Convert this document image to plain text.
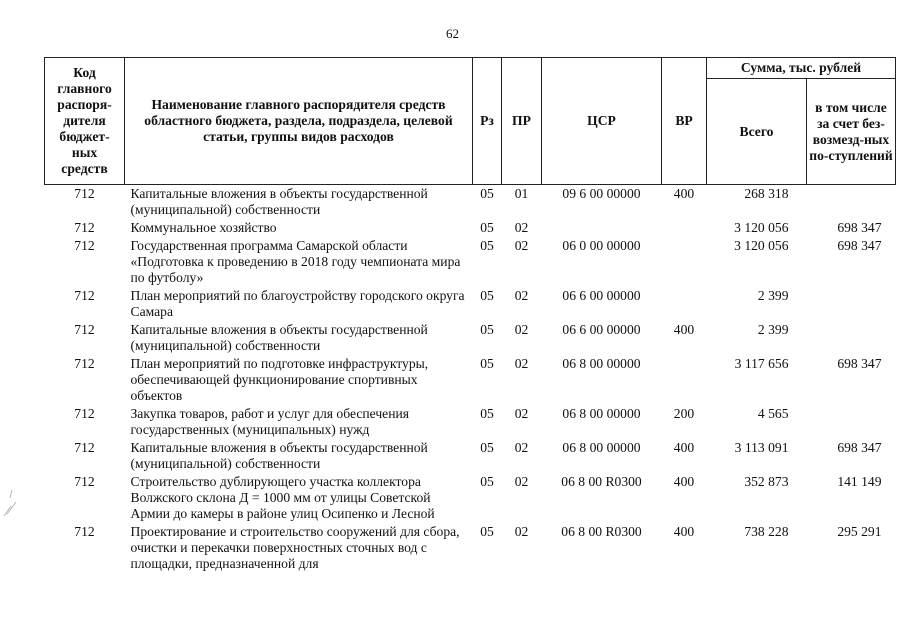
62
Код главного распоря-дителя бюджет-ных средств	Наименование главного распорядителя средств областного бюджета, раздела, подраздела, целевой статьи, группы видов расходов	Рз	ПР	ЦСР	ВР	Сумма, тыс. рублей	
						Всего	в том числе за счет без-возмезд-ных по-ступлений
712	Капитальные вложения в объекты государственной (муниципальной) собственности	05	01	09 6 00 00000	400	268 318	
712	Коммунальное хозяйство	05	02			3 120 056	698 347
712	Государственная программа Самарской области «Подготовка к проведению в 2018 году чемпионата мира по футболу»	05	02	06 0 00 00000		3 120 056	698 347
712	План мероприятий по благоустройству городского округа Самара	05	02	06 6 00 00000		2 399	
712	Капитальные вложения в объекты государственной (муниципальной) собственности	05	02	06 6 00 00000	400	2 399	
712	План мероприятий по подготовке инфраструктуры, обеспечивающей функционирование спортивных объектов	05	02	06 8 00 00000		3 117 656	698 347
712	Закупка товаров, работ и услуг для обеспечения государственных (муниципальных) нужд	05	02	06 8 00 00000	200	4 565	
712	Капитальные вложения в объекты государственной (муниципальной) собственности	05	02	06 8 00 00000	400	3 113 091	698 347
712	Строительство дублирующего участка коллектора Волжского склона Д = 1000 мм от улицы Советской Армии до камеры в районе улиц Осипенко и Лесной	05	02	06 8 00 R0300	400	352 873	141 149
712	Проектирование и строительство сооружений для сбора, очистки и перекачки поверхностных сточных вод с площадки, предназначенной для	05	02	06 8 00 R0300	400	738 228	295 291
